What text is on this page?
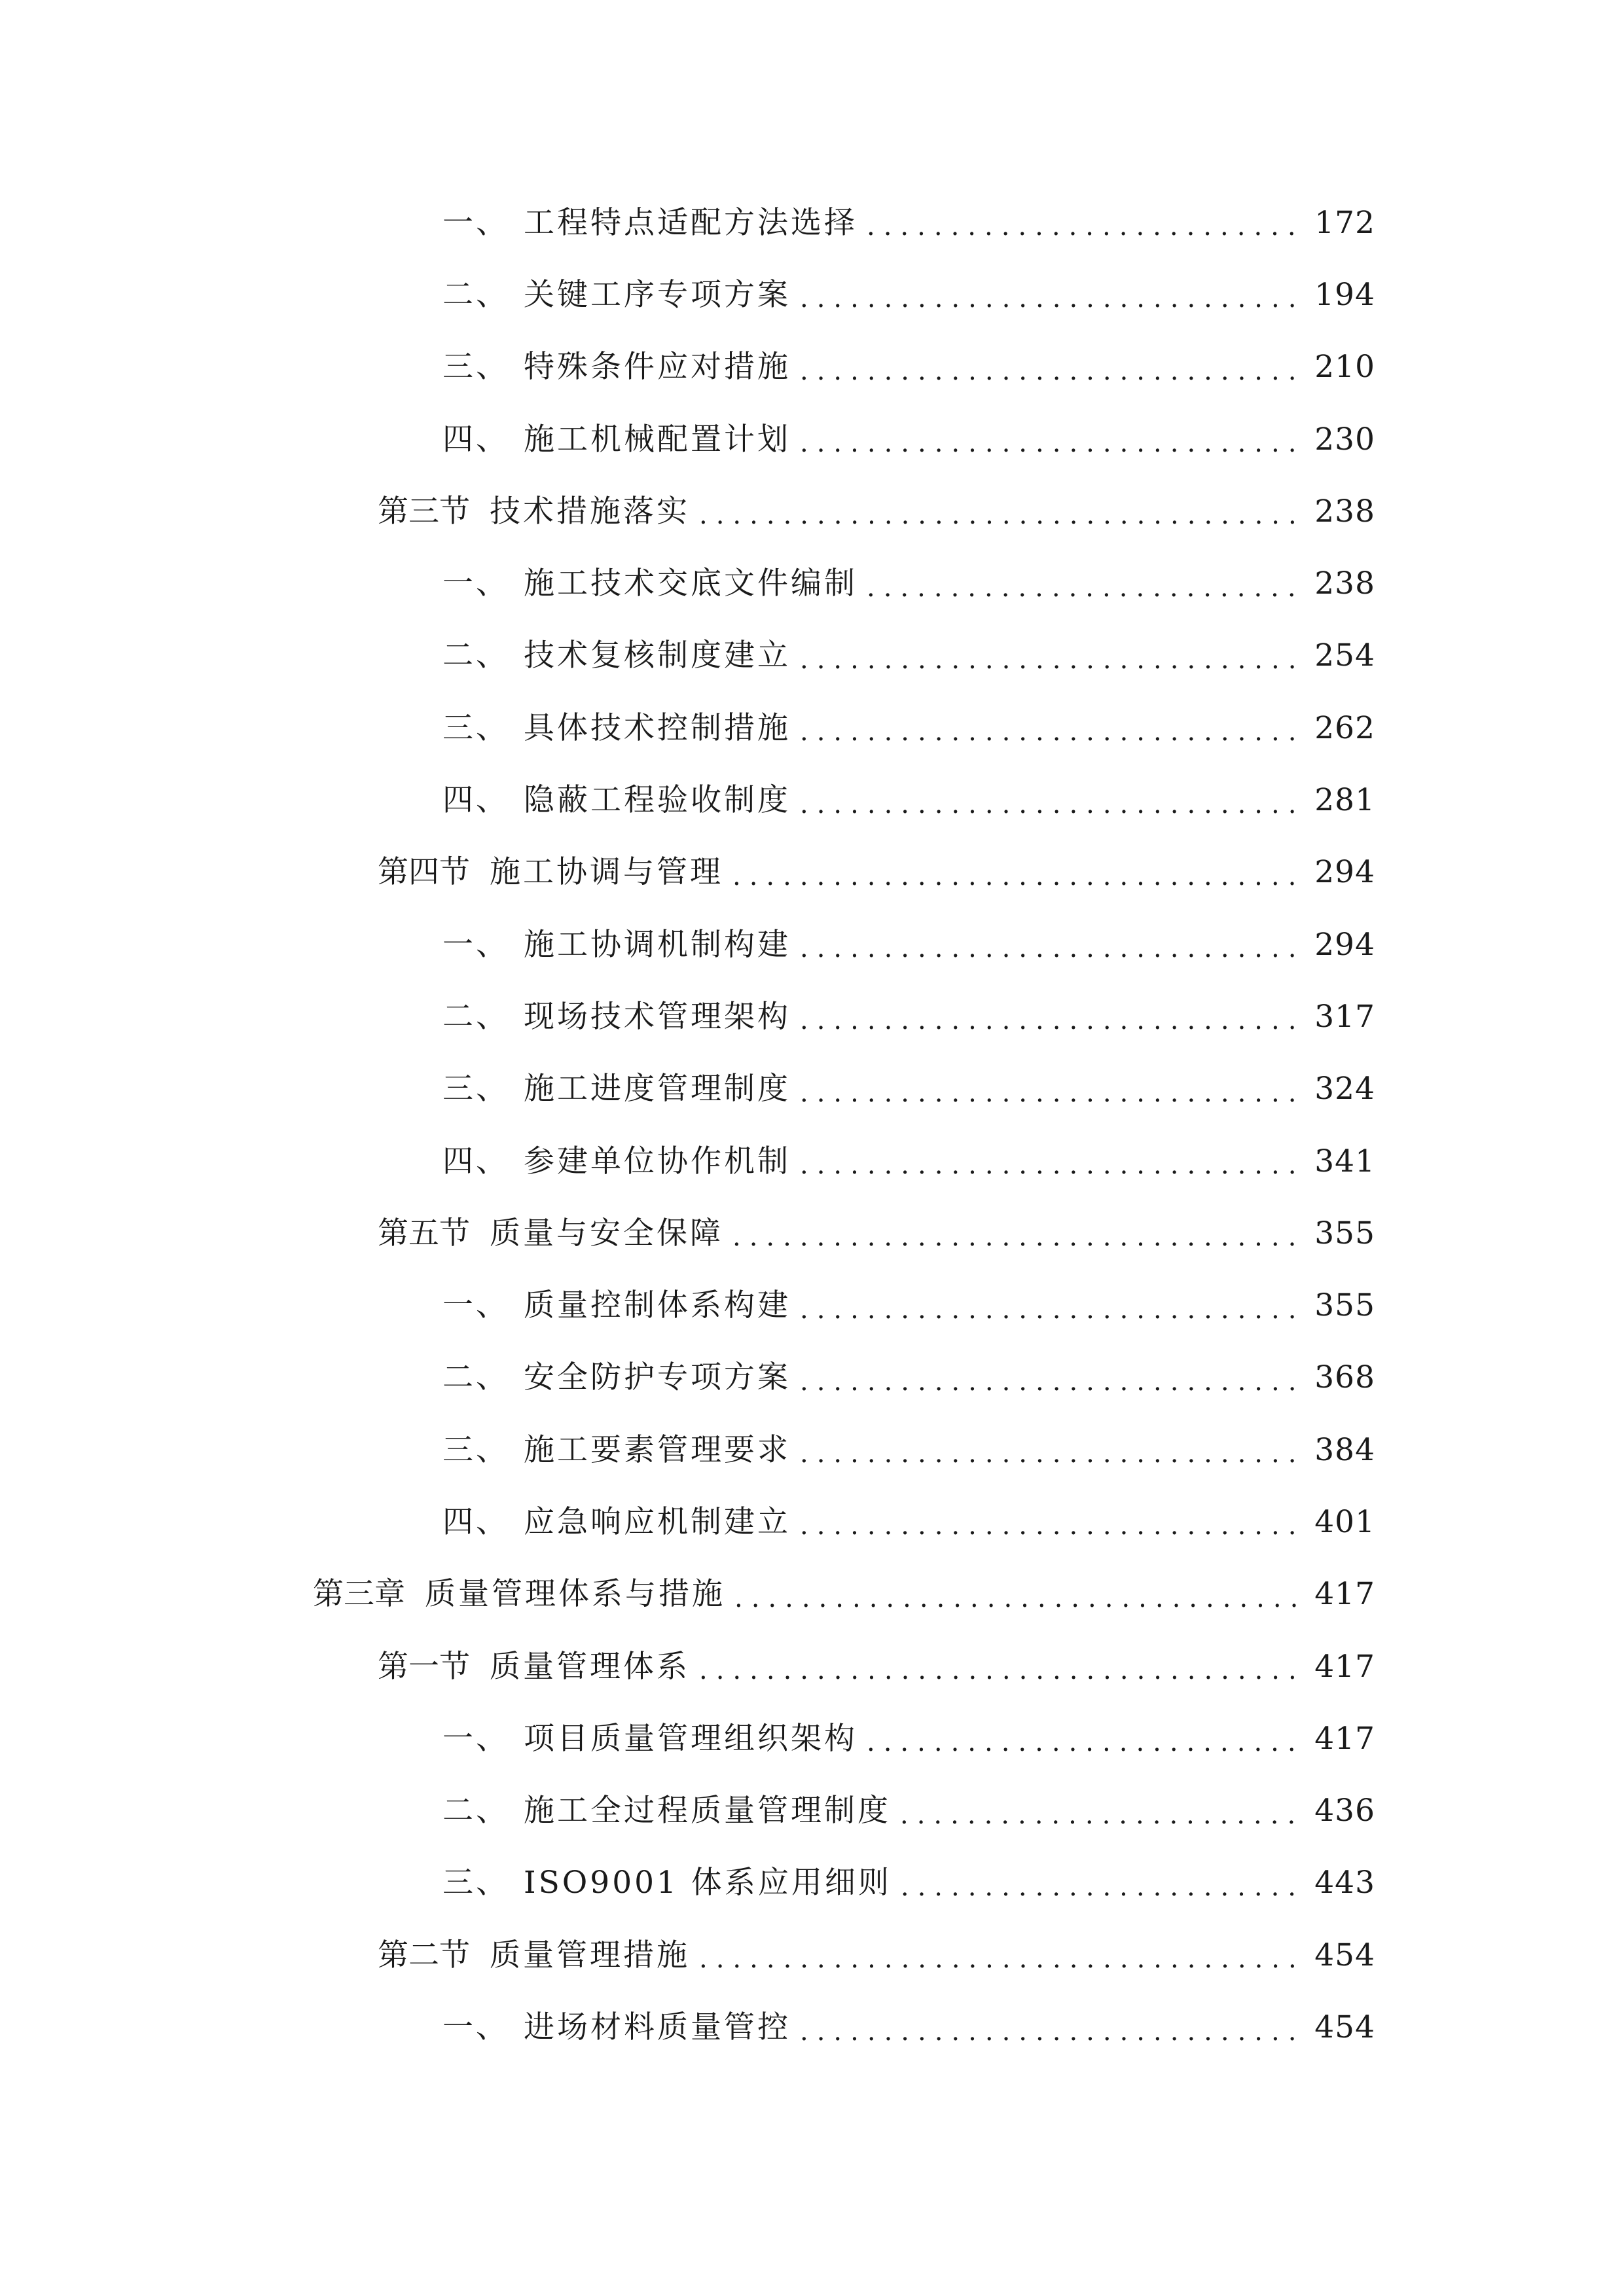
一、 工程特点适配方法选择 .....	172
二、 关键工序专项方案 .....	194
三、 特殊条件应对措施 .....	210
四、 施工机械配置计划 .....	230
第三节 技术措施落实 .....	238
一、 施工技术交底文件编制 .....	238
二、 技术复核制度建立 .....	254
三、 具体技术控制措施 .....	262
四、 隐蔽工程验收制度 .....	281
第四节 施工协调与管理 .....	294
一、 施工协调机制构建 .....	294
二、 现场技术管理架构 .....	317
三、 施工进度管理制度 .....	324
四、 参建单位协作机制 .....	341
第五节 质量与安全保障 .....	355
一、 质量控制体系构建 .....	355
二、 安全防护专项方案 .....	368
三、 施工要素管理要求 .....	384
四、 应急响应机制建立 .....	401
第三章 质量管理体系与措施 .....	417
第一节 质量管理体系 .....	417
一、 项目质量管理组织架构 .....	417
二、 施工全过程质量管理制度 .....	436
三、 ISO9001 体系应用细则 .....	443
第二节 质量管理措施 .....	454
一、 进场材料质量管控 .....	454
